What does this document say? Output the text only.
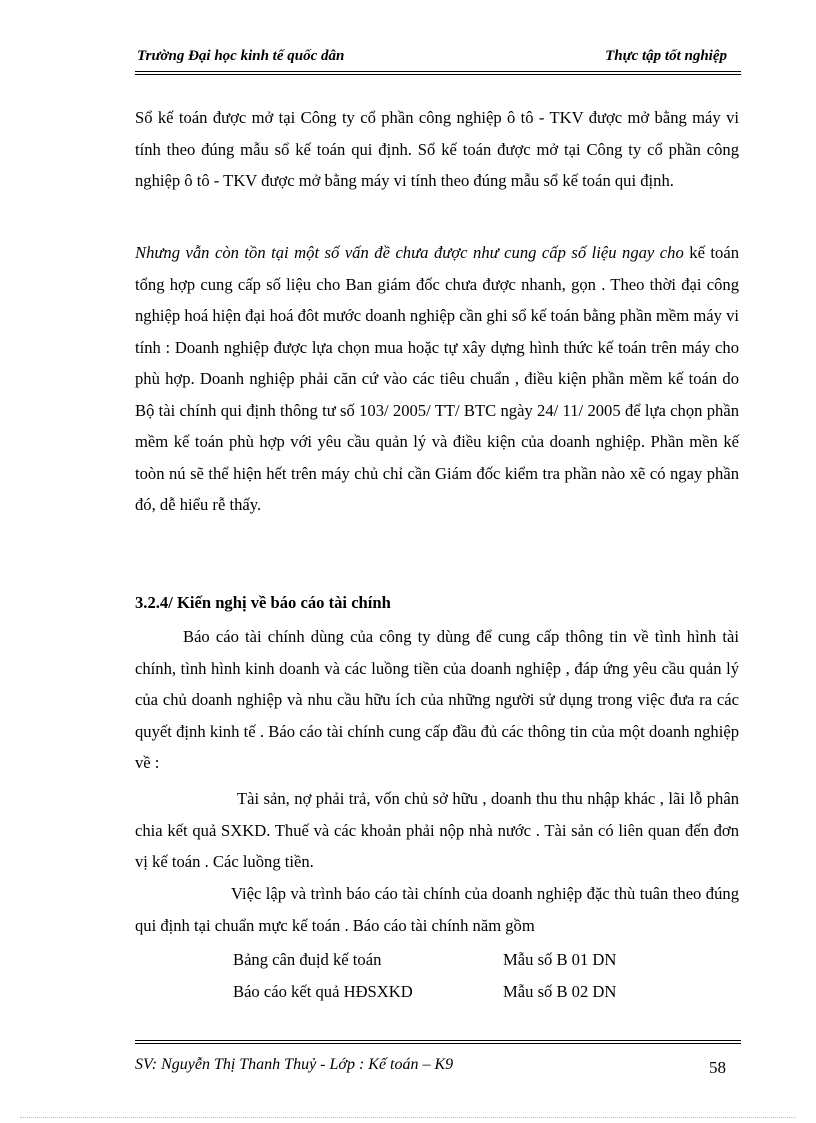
Trường Đại học kinh tế quốc dân	Thực tập tốt nghiệp

Sổ kế toán được mở tại Công ty cổ phần công nghiệp ô tô - TKV được mở bằng máy vi tính theo đúng mẫu sổ kế toán qui định. Sổ kế toán được mở tại Công ty cổ phần công nghiệp ô tô - TKV được mở bằng máy vi tính theo đúng mẫu sổ kế toán qui định.

Nhưng vẫn còn tồn tại một số vấn đề chưa được như cung cấp số liệu ngay cho kế toán tổng hợp cung cấp số liệu cho Ban giám đốc chưa được nhanh, gọn . Theo thời đại công nghiệp hoá hiện đại hoá đôt mước doanh nghiệp cần ghi sổ kế toán bằng phần mềm máy vi tính : Doanh nghiệp được lựa chọn mua hoặc tự xây dựng hình thức kế toán trên máy cho phù hợp. Doanh nghiệp phải căn cứ vào các tiêu chuẩn , điều kiện phần mềm kế toán do Bộ tài chính qui định thông tư số 103/ 2005/ TT/ BTC ngày 24/ 11/ 2005 để lựa chọn phần mềm kế toán phù hợp với yêu cầu quản lý và điều kiện của doanh nghiệp. Phần mền kế toòn nú sẽ thể hiện hết trên máy chủ chỉ cần Giám đốc kiểm tra phần nào xẽ có ngay phần đó, dễ hiểu rễ thấy.

3.2.4/ Kiến nghị về báo cáo tài chính

Báo cáo tài chính dùng của công ty dùng để cung cấp thông tin về tình hình tài chính, tình hình kinh doanh và các luồng tiền của doanh nghiệp , đáp ứng yêu cầu quản lý của chủ doanh nghiệp và nhu cầu hữu ích của những người sử dụng trong việc đưa ra các quyết định kinh tế . Báo cáo tài chính cung cấp đầu đủ các thông tin của một doanh nghiệp về :

Tài sản, nợ phải trả, vốn chủ sở hữu , doanh thu thu nhập khác , lãi lỗ phân chia kết quả SXKD. Thuế và các khoản phải nộp nhà nước . Tài sản có liên quan đến đơn vị kế toán . Các luồng tiền.

Việc lập và trình báo cáo tài chính của doanh nghiệp đặc thù tuân theo đúng qui định tại chuẩn mực kế toán . Báo cáo tài chính năm gồm

Bảng cân đuịd kế toán	Mẫu số B 01 DN
Báo cáo kết quả HĐSXKD	Mẫu số B 02 DN
SV: Nguyễn Thị Thanh Thuỷ - Lớp : Kế toán – K9	58
